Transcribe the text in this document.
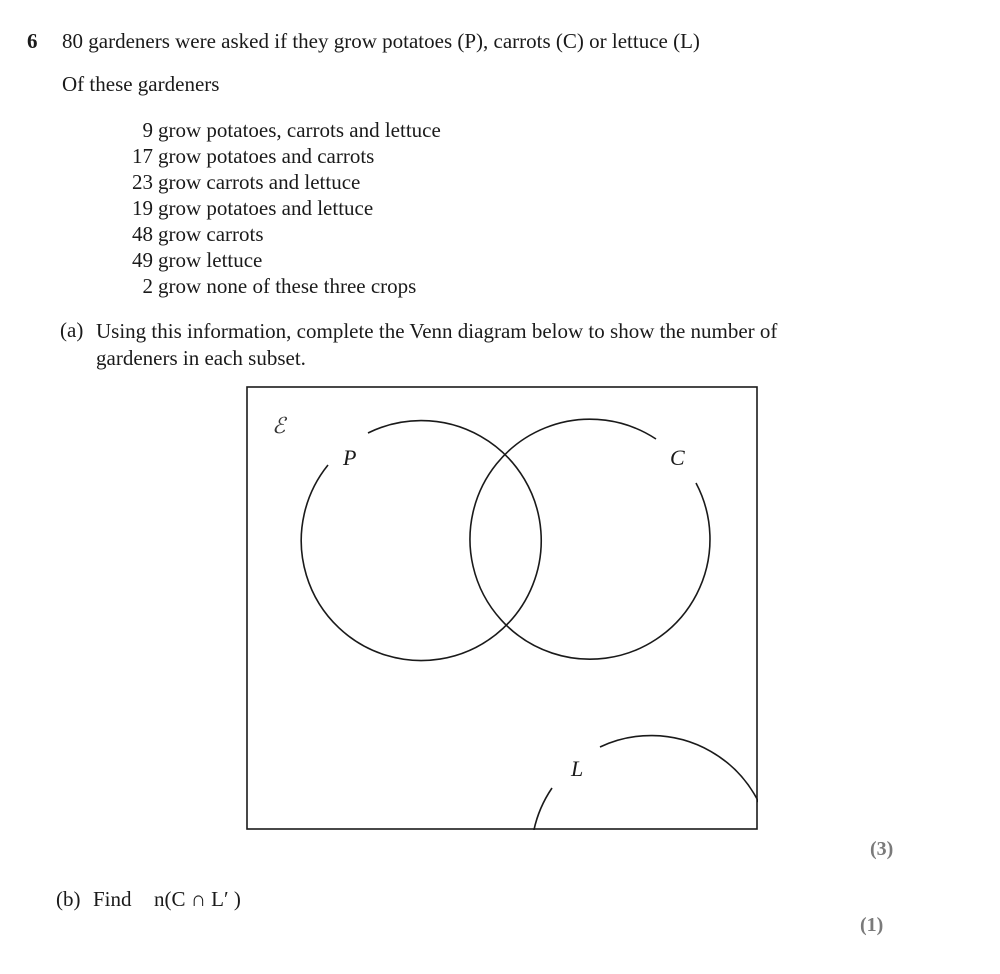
6 80 gardeners were asked if they grow potatoes (P), carrots (C) or lettuce (L)
Of these gardeners
9 grow potatoes, carrots and lettuce
17 grow potatoes and carrots
23 grow carrots and lettuce
19 grow potatoes and lettuce
48 grow carrots
49 grow lettuce
2 grow none of these three crops
(a) Using this information, complete the Venn diagram below to show the number of
gardeners in each subset.
ℰ
P	C
L
(3)
(b) Find n(C ∩ L′ )
(1)
